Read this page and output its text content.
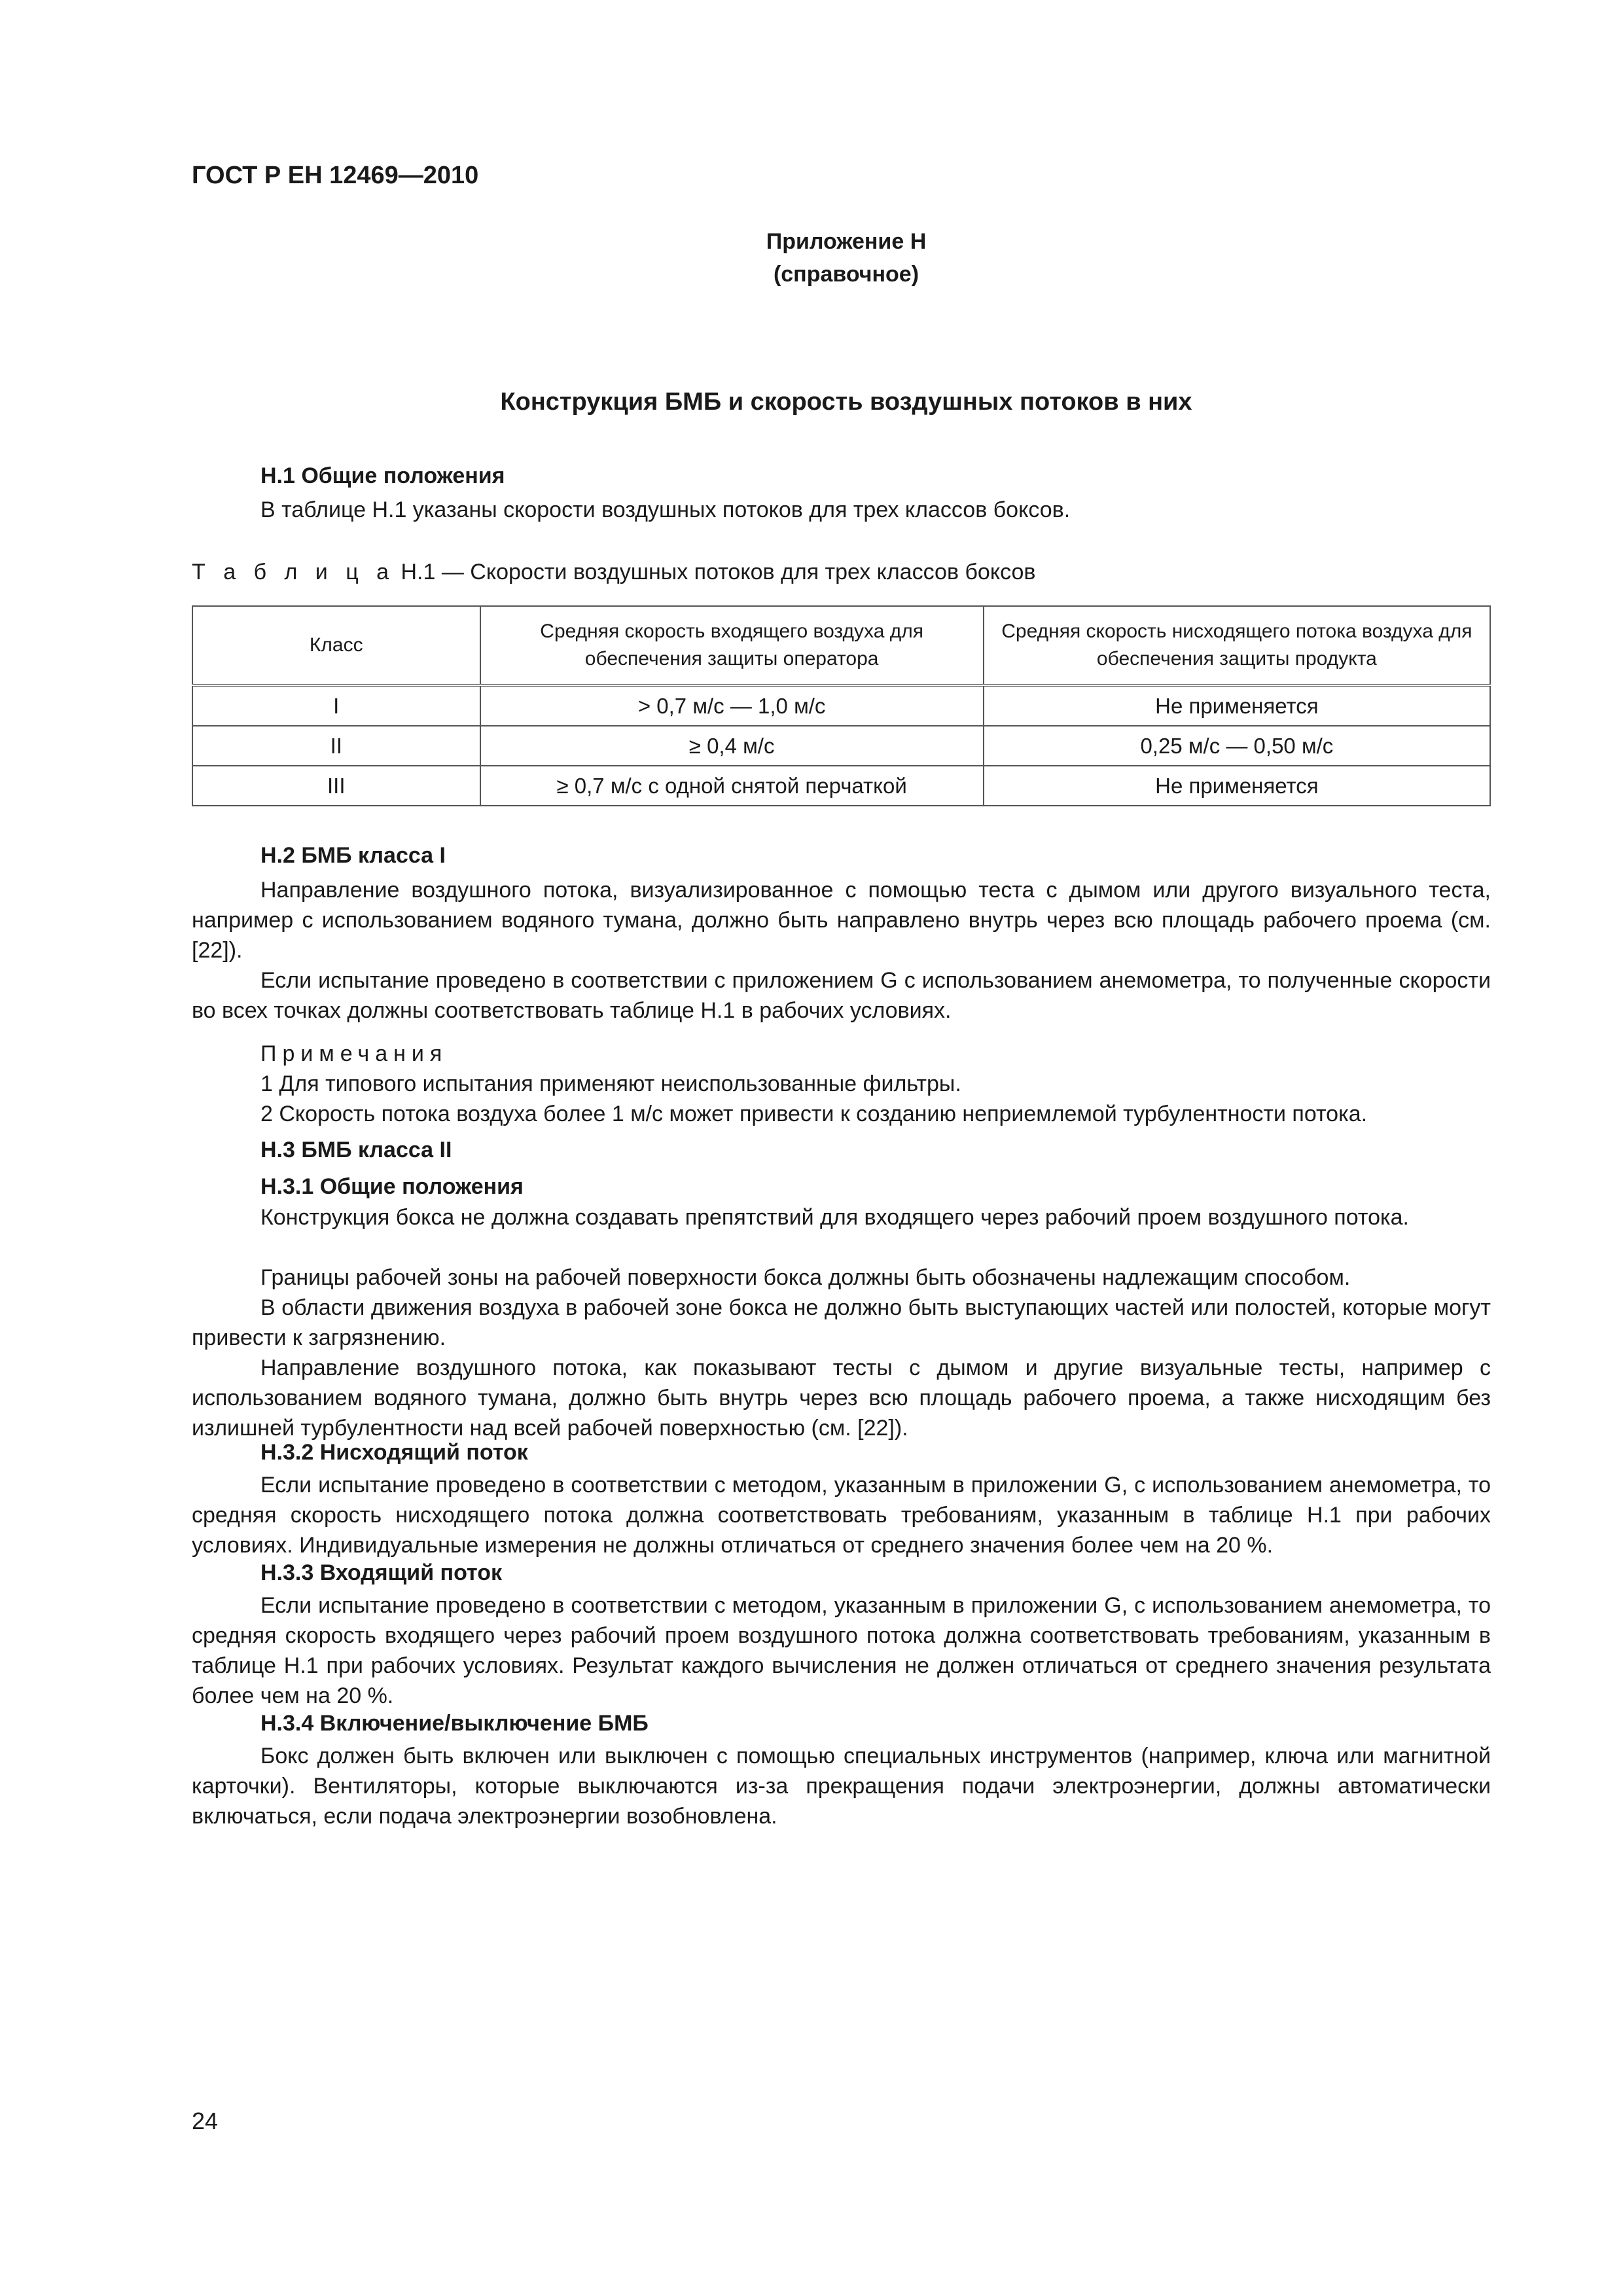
ГОСТ Р ЕН 12469—2010
Приложение Н
(справочное)
Конструкция БМБ и скорость воздушных потоков в них
Н.1 Общие положения
В таблице Н.1 указаны скорости воздушных потоков для трех классов боксов.
Т а б л и ц а Н.1 — Скорости воздушных потоков для трех классов боксов
Класс	Средняя скорость входящего воздуха для обеспечения защиты оператора	Средняя скорость нисходящего потока воздуха для обеспечения защиты продукта
I	> 0,7 м/с — 1,0 м/с	Не применяется
II	≥ 0,4 м/с	0,25 м/с — 0,50 м/с
III	≥ 0,7 м/с с одной снятой перчаткой	Не применяется
Н.2 БМБ класса I
Направление воздушного потока, визуализированное с помощью теста с дымом или другого визуального теста, например с использованием водяного тумана, должно быть направлено внутрь через всю площадь рабочего проема (см. [22]).
Если испытание проведено в соответствии с приложением G с использованием анемометра, то полученные скорости во всех точках должны соответствовать таблице Н.1 в рабочих условиях.
Примечания
1 Для типового испытания применяют неиспользованные фильтры.
2 Скорость потока воздуха более 1 м/с может привести к созданию неприемлемой турбулентности потока.
Н.3 БМБ класса II
Н.3.1 Общие положения
Конструкция бокса не должна создавать препятствий для входящего через рабочий проем воздушного потока.
Границы рабочей зоны на рабочей поверхности бокса должны быть обозначены надлежащим способом.
В области движения воздуха в рабочей зоне бокса не должно быть выступающих частей или полостей, которые могут привести к загрязнению.
Направление воздушного потока, как показывают тесты с дымом и другие визуальные тесты, например с использованием водяного тумана, должно быть внутрь через всю площадь рабочего проема, а также нисходящим без излишней турбулентности над всей рабочей поверхностью (см. [22]).
Н.3.2 Нисходящий поток
Если испытание проведено в соответствии с методом, указанным в приложении G, с использованием анемометра, то средняя скорость нисходящего потока должна соответствовать требованиям, указанным в таблице Н.1 при рабочих условиях. Индивидуальные измерения не должны отличаться от среднего значения более чем на 20 %.
Н.3.3 Входящий поток
Если испытание проведено в соответствии с методом, указанным в приложении G, с использованием анемометра, то средняя скорость входящего через рабочий проем воздушного потока должна соответствовать требованиям, указанным в таблице Н.1 при рабочих условиях. Результат каждого вычисления не должен отличаться от среднего значения результата более чем на 20 %.
Н.3.4 Включение/выключение БМБ
Бокс должен быть включен или выключен с помощью специальных инструментов (например, ключа или магнитной карточки). Вентиляторы, которые выключаются из-за прекращения подачи электроэнергии, должны автоматически включаться, если подача электроэнергии возобновлена.
24
